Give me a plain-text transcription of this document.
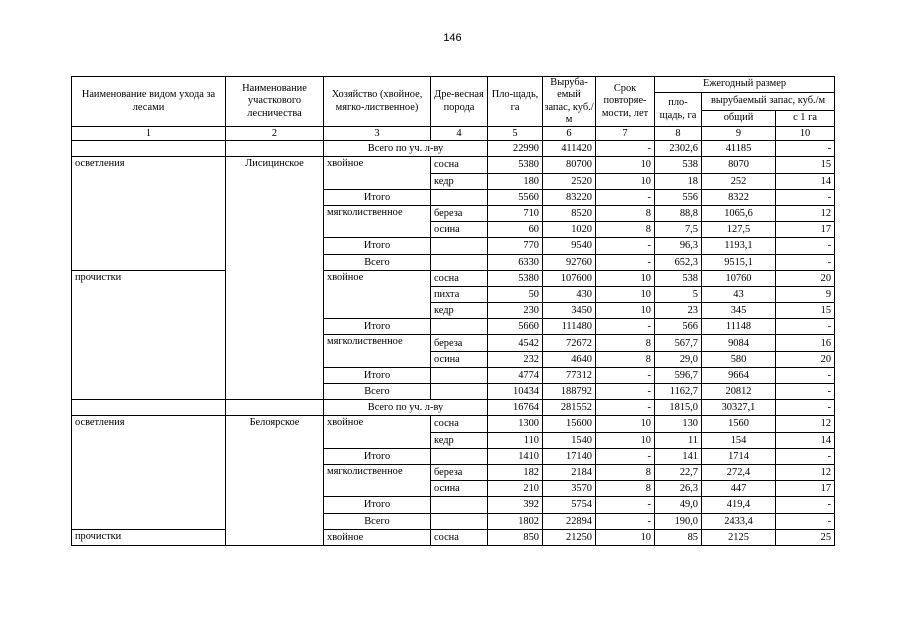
146
Наименование видом ухода за лесами	Наименование участкового лесничества	Хозяйство (хвойное, мягко-лиственное)	Дре-весная порода	Пло-щадь, га	Выруба-емый запас, куб./м	Срок повторяе-мости, лет	Ежегодный размер		
							пло-щадь, га	вырубаемый запас, куб./м	
								общий	с 1 га
1	2	3	4	5	6	7	8	9	10
		Всего по уч. л-ву		22990	411420	-	2302,6	41185	-
осветления	Лисицинское	хвойное	сосна	5380	80700	10	538	8070	15
			кедр	180	2520	10	18	252	14
		Итого		5560	83220	-	556	8322	-
		мягколиственное	береза	710	8520	8	88,8	1065,6	12
			осина	60	1020	8	7,5	127,5	17
		Итого		770	9540	-	96,3	1193,1	-
		Всего		6330	92760	-	652,3	9515,1	-
прочистки		хвойное	сосна	5380	107600	10	538	10760	20
			пихта	50	430	10	5	43	9
			кедр	230	3450	10	23	345	15
		Итого		5660	111480	-	566	11148	-
		мягколиственное	береза	4542	72672	8	567,7	9084	16
			осина	232	4640	8	29,0	580	20
		Итого		4774	77312	-	596,7	9664	-
		Всего		10434	188792	-	1162,7	20812	-
		Всего по уч. л-ву		16764	281552	-	1815,0	30327,1	-
осветления	Белоярское	хвойное	сосна	1300	15600	10	130	1560	12
			кедр	110	1540	10	11	154	14
		Итого		1410	17140	-	141	1714	-
		мягколиственное	береза	182	2184	8	22,7	272,4	12
			осина	210	3570	8	26,3	447	17
		Итого		392	5754	-	49,0	419,4	-
		Всего		1802	22894	-	190,0	2433,4	-
прочистки		хвойное	сосна	850	21250	10	85	2125	25
